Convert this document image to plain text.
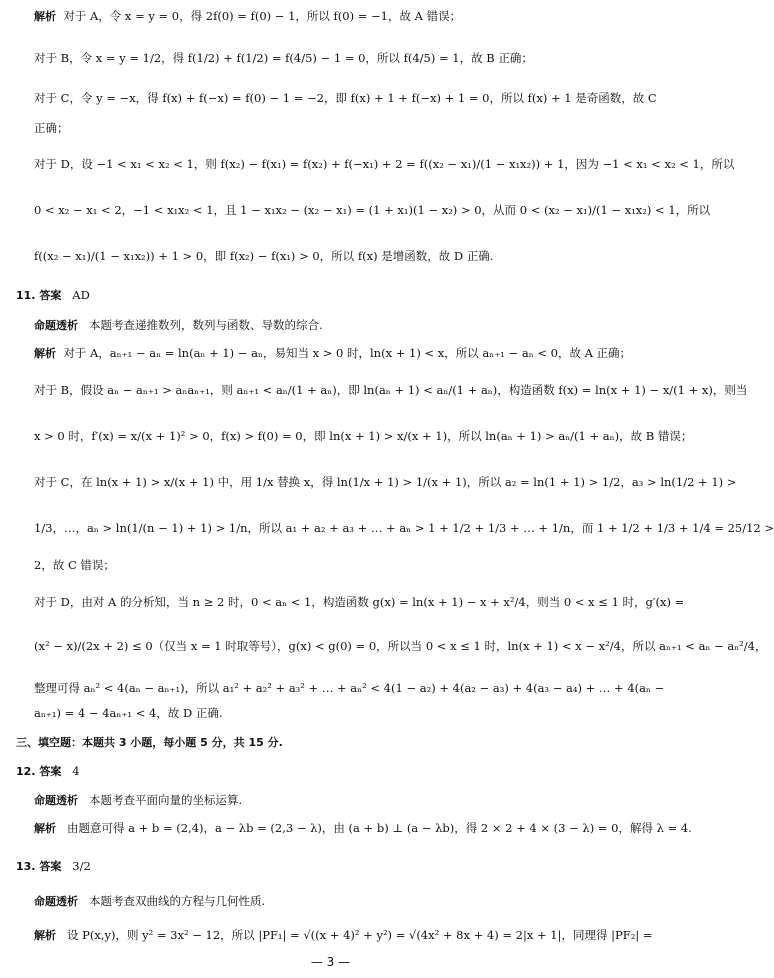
解析 对于 A，令 x = y = 0，得 2f(0) = f(0) − 1，所以 f(0) = −1，故 A 错误；
对于 B，令 x = y = 1/2，得 f(1/2) + f(1/2) = f(4/5) − 1 = 0，所以 f(4/5) = 1，故 B 正确；
对于 C，令 y = −x，得 f(x) + f(−x) = f(0) − 1 = −2，即 f(x) + 1 + f(−x) + 1 = 0，所以 f(x) + 1 是奇函数，故 C
正确；
对于 D，设 −1 < x₁ < x₂ < 1，则 f(x₂) − f(x₁) = f(x₂) + f(−x₁) + 2 = f((x₂ − x₁)/(1 − x₁x₂)) + 1，因为 −1 < x₁ < x₂ < 1，所以
0 < x₂ − x₁ < 2，−1 < x₁x₂ < 1，且 1 − x₁x₂ − (x₂ − x₁) = (1 + x₁)(1 − x₂) > 0，从而 0 < (x₂ − x₁)/(1 − x₁x₂) < 1，所以
f((x₂ − x₁)/(1 − x₁x₂)) + 1 > 0，即 f(x₂) − f(x₁) > 0，所以 f(x) 是增函数，故 D 正确.
11. 答案 AD
命题透析 本题考查递推数列，数列与函数、导数的综合.
解析 对于 A，aₙ₊₁ − aₙ = ln(aₙ + 1) − aₙ，易知当 x > 0 时，ln(x + 1) < x，所以 aₙ₊₁ − aₙ < 0，故 A 正确；
对于 B，假设 aₙ − aₙ₊₁ > aₙaₙ₊₁，则 aₙ₊₁ < aₙ/(1 + aₙ)，即 ln(aₙ + 1) < aₙ/(1 + aₙ)，构造函数 f(x) = ln(x + 1) − x/(1 + x)，则当
x > 0 时，f′(x) = x/(x + 1)² > 0，f(x) > f(0) = 0，即 ln(x + 1) > x/(x + 1)，所以 ln(aₙ + 1) > aₙ/(1 + aₙ)，故 B 错误；
对于 C，在 ln(x + 1) > x/(x + 1) 中，用 1/x 替换 x，得 ln(1/x + 1) > 1/(x + 1)，所以 a₂ = ln(1 + 1) > 1/2，a₃ > ln(1/2 + 1) >
1/3，…，aₙ > ln(1/(n − 1) + 1) > 1/n，所以 a₁ + a₂ + a₃ + … + aₙ > 1 + 1/2 + 1/3 + … + 1/n，而 1 + 1/2 + 1/3 + 1/4 = 25/12 >
2，故 C 错误；
对于 D，由对 A 的分析知，当 n ≥ 2 时，0 < aₙ < 1，构造函数 g(x) = ln(x + 1) − x + x²/4，则当 0 < x ≤ 1 时，g′(x) =
(x² − x)/(2x + 2) ≤ 0（仅当 x = 1 时取等号），g(x) < g(0) = 0，所以当 0 < x ≤ 1 时，ln(x + 1) < x − x²/4，所以 aₙ₊₁ < aₙ − aₙ²/4，
整理可得 aₙ² < 4(aₙ − aₙ₊₁)，所以 a₁² + a₂² + a₃² + … + aₙ² < 4(1 − a₂) + 4(a₂ − a₃) + 4(a₃ − a₄) + … + 4(aₙ −
aₙ₊₁) = 4 − 4aₙ₊₁ < 4，故 D 正确.
三、填空题：本题共 3 小题，每小题 5 分，共 15 分.
12. 答案 4
命题透析 本题考查平面向量的坐标运算.
解析 由题意可得 a + b = (2,4)，a − λb = (2,3 − λ)，由 (a + b) ⊥ (a − λb)，得 2 × 2 + 4 × (3 − λ) = 0，解得 λ = 4.
13. 答案 3/2
命题透析 本题考查双曲线的方程与几何性质.
解析 设 P(x,y)，则 y² = 3x² − 12，所以 |PF₁| = √((x + 4)² + y²) = √(4x² + 8x + 4) = 2|x + 1|，同理得 |PF₂| =
— 3 —
